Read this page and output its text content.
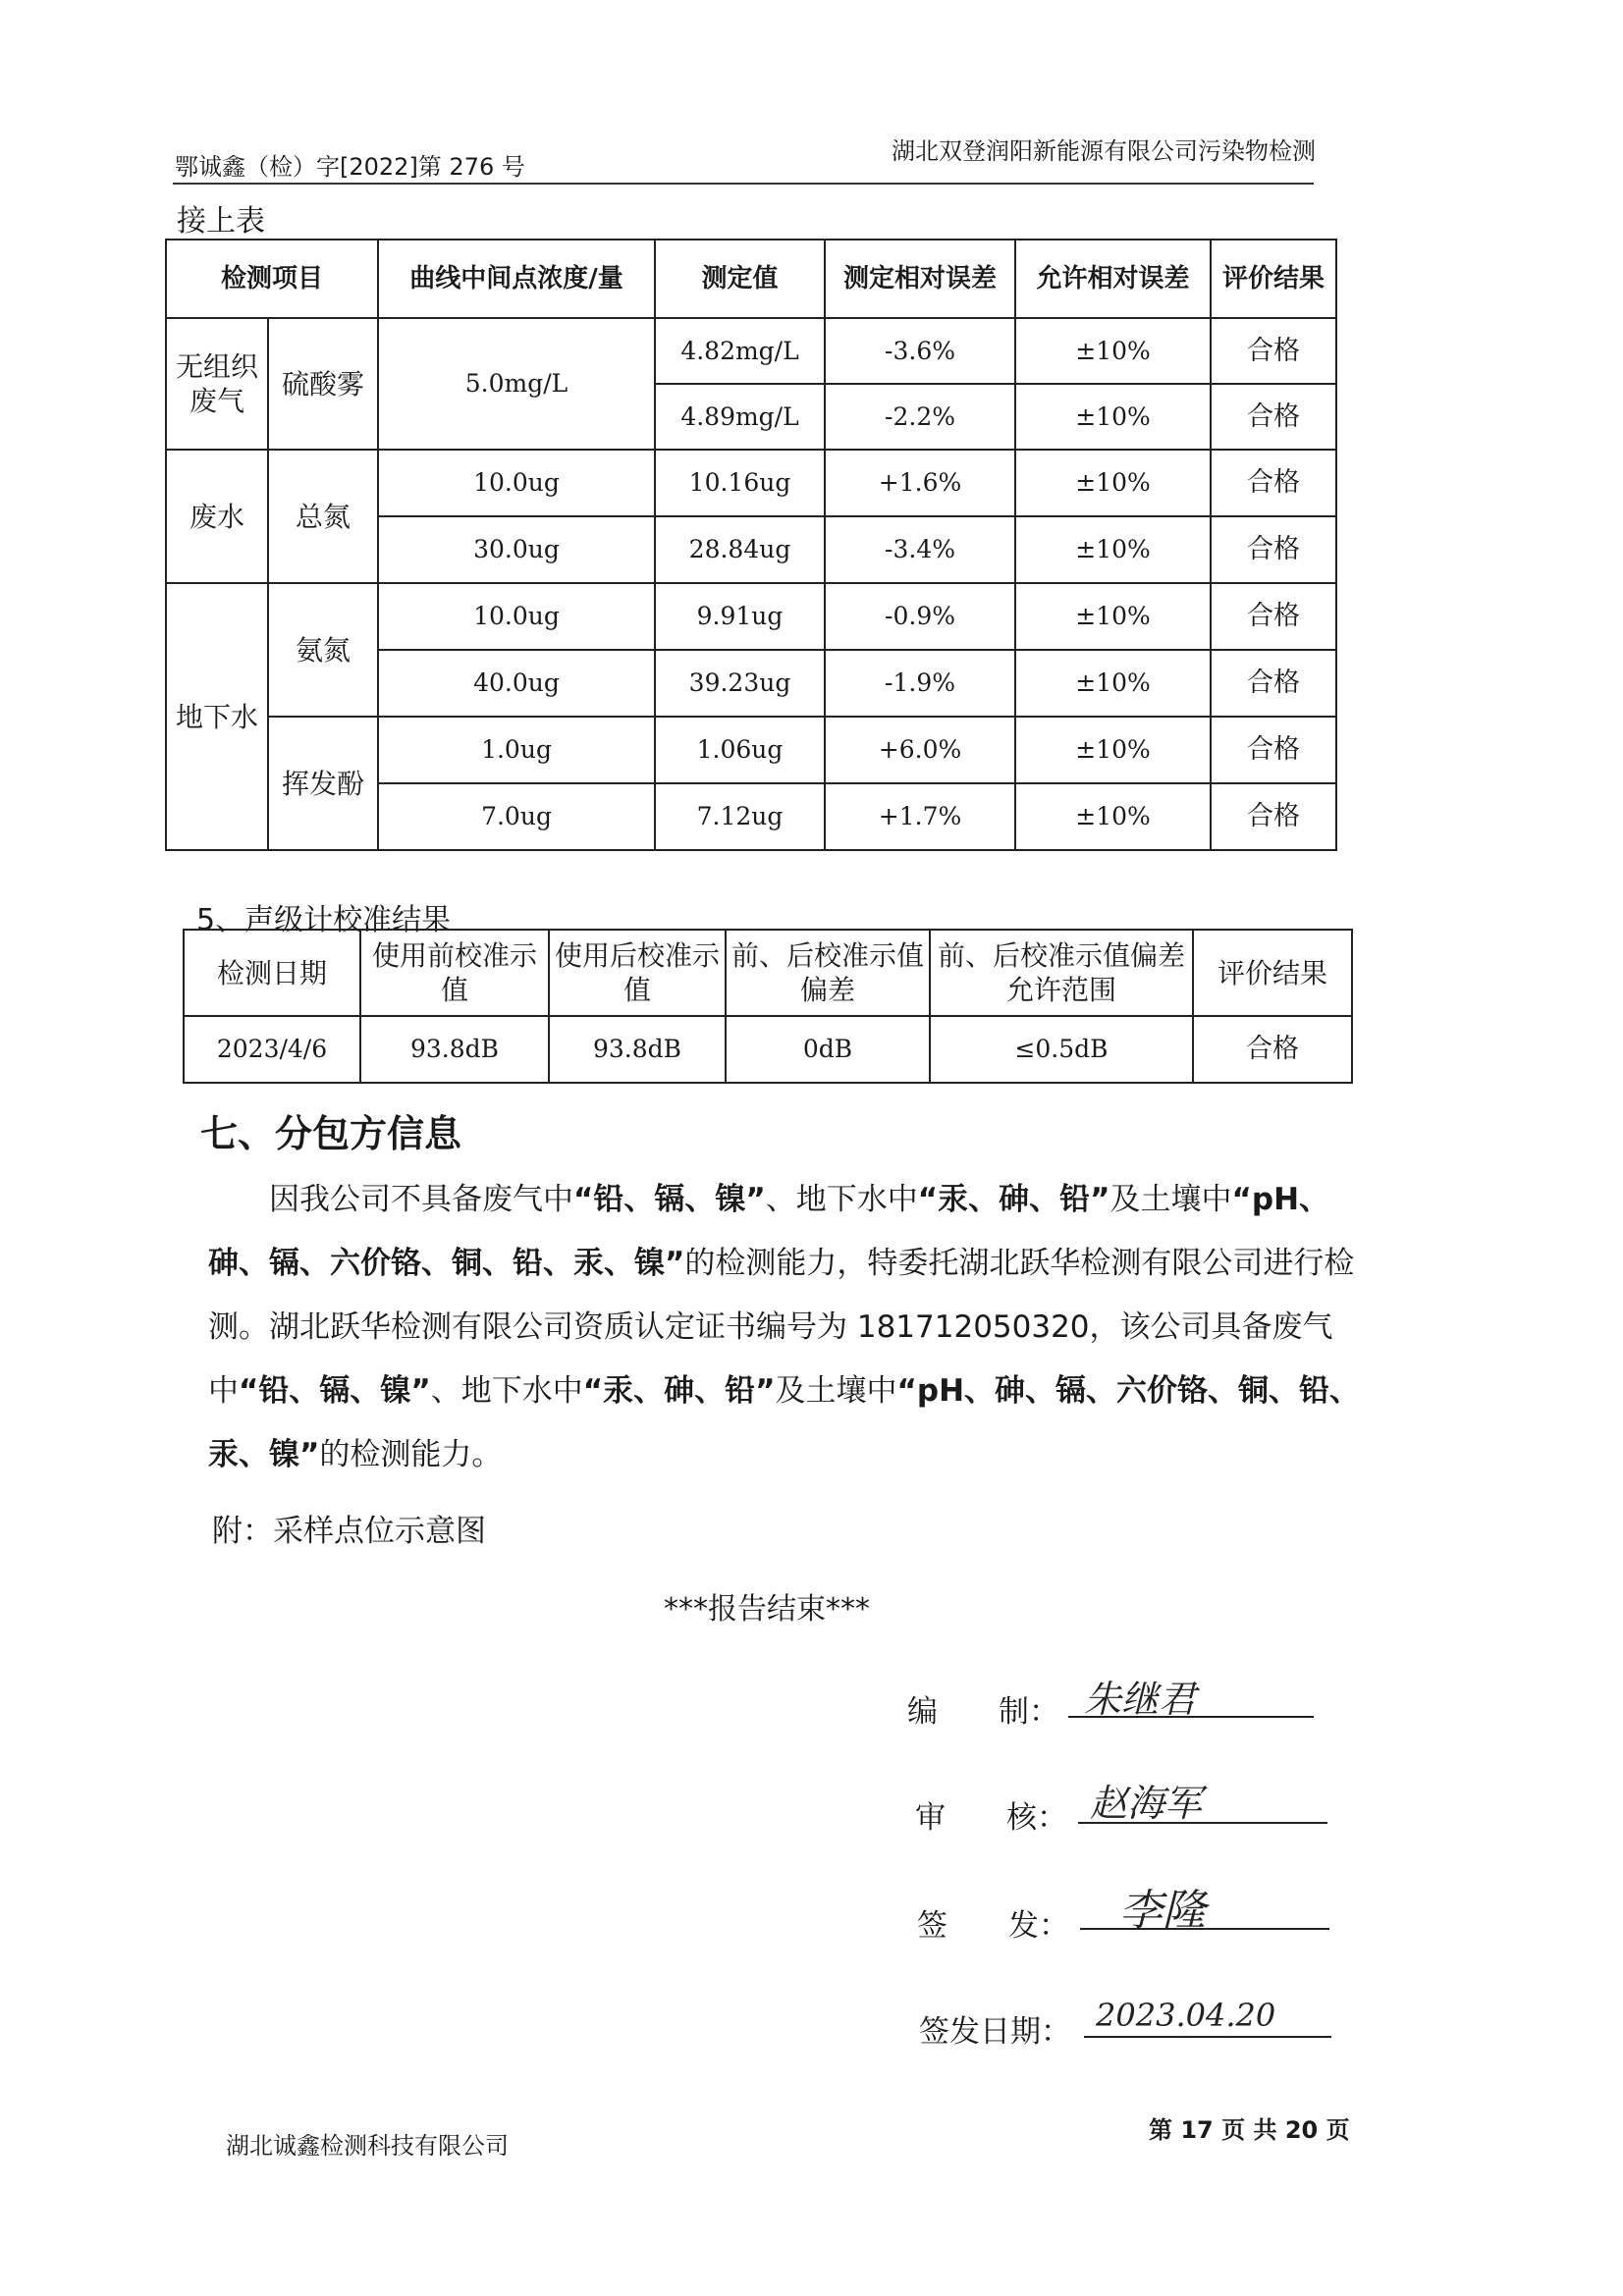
鄂诚鑫（检）字[2022]第 276 号
湖北双登润阳新能源有限公司污染物检测
接上表
检测项目		曲线中间点浓度/量	测定值	测定相对误差	允许相对误差	评价结果
无组织废气	硫酸雾	5.0mg/L	4.82mg/L	-3.6%	±10%	合格
			4.89mg/L	-2.2%	±10%	合格
废水	总氮	10.0ug	10.16ug	+1.6%	±10%	合格
		30.0ug	28.84ug	-3.4%	±10%	合格
地下水	氨氮	10.0ug	9.91ug	-0.9%	±10%	合格
		40.0ug	39.23ug	-1.9%	±10%	合格
	挥发酚	1.0ug	1.06ug	+6.0%	±10%	合格
		7.0ug	7.12ug	+1.7%	±10%	合格
5、声级计校准结果
检测日期	使用前校准示值	使用后校准示值	前、后校准示值偏差	前、后校准示值偏差允许范围	评价结果
2023/4/6	93.8dB	93.8dB	0dB	≤0.5dB	合格
七、分包方信息
因我公司不具备废气中“铅、镉、镍”、地下水中“汞、砷、铅”及土壤中“pH、砷、镉、六价铬、铜、铅、汞、镍”的检测能力，特委托湖北跃华检测有限公司进行检测。湖北跃华检测有限公司资质认定证书编号为 181712050320，该公司具备废气中“铅、镉、镍”、地下水中“汞、砷、铅”及土壤中“pH、砷、镉、六价铬、铜、铅、汞、镍”的检测能力。
附：采样点位示意图
***报告结束***
编　　制： 朱继君
审　　核： 赵海军
签　　发： 李隆
签发日期： 2023.04.20
湖北诚鑫检测科技有限公司
第 17 页 共 20 页
